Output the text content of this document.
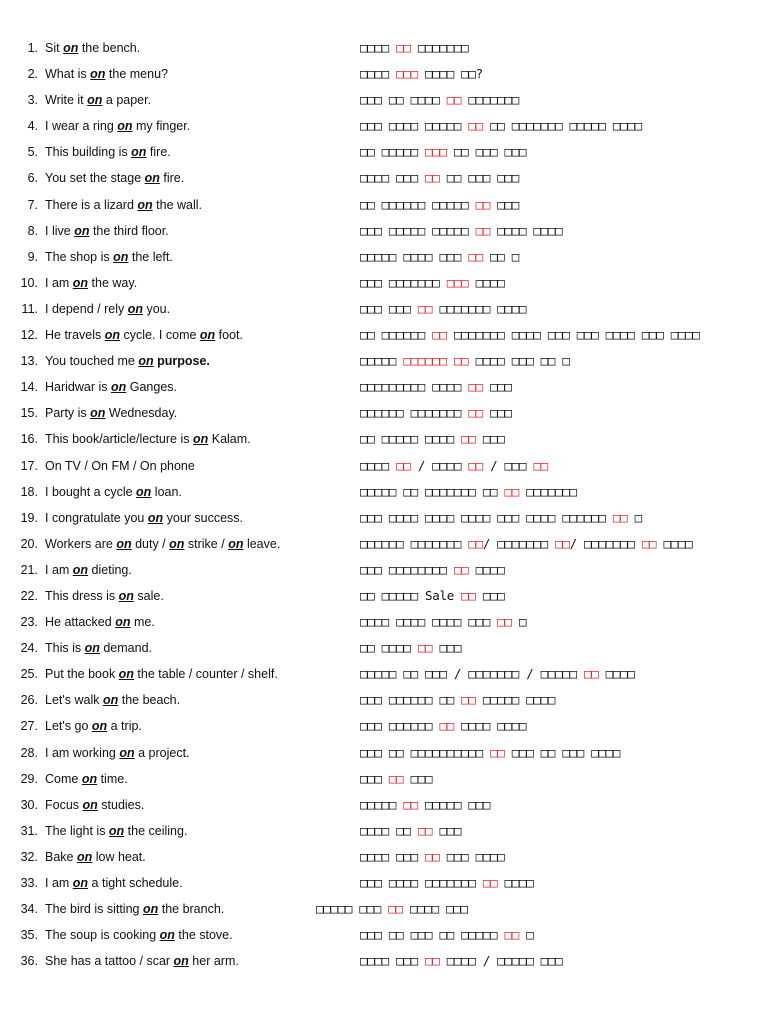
1. Sit on the bench.	□□□□ □□ □□□□□□□
2. What is on the menu?	□□□□ □□□ □□□□ □□?
3. Write it on a paper.	□□□ □□ □□□□ □□ □□□□□□□
4. I wear a ring on my finger.	□□□ □□□□ □□□□□ □□ □□ □□□□□□□ □□□□□ □□□□
5. This building is on fire.	□□ □□□□□ □□□ □□ □□□ □□□
6. You set the stage on fire.	□□□□ □□□ □□ □□ □□□ □□□
7. There is a lizard on the wall.	□□ □□□□□□ □□□□□ □□ □□□
8. I live on the third floor.	□□□ □□□□□ □□□□□ □□ □□□□ □□□□
9. The shop is on the left.	□□□□□ □□□□ □□□ □□ □□ □
10. I am on the way.	□□□ □□□□□□□ □□□ □□□□
11. I depend / rely on you.	□□□ □□□ □□ □□□□□□□ □□□□
12. He travels on cycle. I come on foot.	□□ □□□□□□ □□ □□□□□□□ □□□□ □□□ □□□ □□□□ □□□ □□□□
13. You touched me on purpose.	□□□□□ □□□□□□ □□ □□□□ □□□ □□ □
14. Haridwar is on Ganges.	□□□□□□□□□ □□□□ □□ □□□
15. Party is on Wednesday.	□□□□□□ □□□□□□□ □□ □□□
16. This book/article/lecture is on Kalam.	□□ □□□□□ □□□□ □□ □□□
17. On TV / On FM / On phone	□□□□ □□ / □□□□ □□ / □□□ □□
18. I bought a cycle on loan.	□□□□□ □□ □□□□□□□ □□ □□ □□□□□□□
19. I congratulate you on your success.	□□□ □□□□ □□□□ □□□□ □□□ □□□□ □□□□□□ □□ □
20. Workers are on duty / on strike / on leave.	□□□□□□ □□□□□□□ □□/ □□□□□□□ □□/ □□□□□□□ □□ □□□□
21. I am on dieting.	□□□ □□□□□□□□ □□ □□□□
22. This dress is on sale.	□□ □□□□□ Sale □□ □□□
23. He attacked on me.	□□□□ □□□□ □□□□ □□□ □□ □
24. This is on demand.	□□ □□□□ □□ □□□
25. Put the book on the table / counter / shelf.	□□□□□ □□ □□□ / □□□□□□□ / □□□□□ □□ □□□□
26. Let's walk on the beach.	□□□ □□□□□□ □□ □□ □□□□□ □□□□
27. Let's go on a trip.	□□□ □□□□□□ □□ □□□□ □□□□
28. I am working on a project.	□□□ □□ □□□□□□□□□□ □□ □□□ □□ □□□ □□□□
29. Come on time.	□□□ □□ □□□
30. Focus on studies.	□□□□□ □□ □□□□□ □□□
31. The light is on the ceiling.	□□□□ □□ □□ □□□
32. Bake on low heat.	□□□□ □□□ □□ □□□ □□□□
33. I am on a tight schedule.	□□□ □□□□ □□□□□□□ □□ □□□□
34. The bird is sitting on the branch.	□□□□□ □□□ □□ □□□□ □□□
35. The soup is cooking on the stove.	□□□ □□ □□□ □□ □□□□□ □□ □
36. She has a tattoo / scar on her arm.	□□□□ □□□ □□ □□□□ / □□□□□ □□□
